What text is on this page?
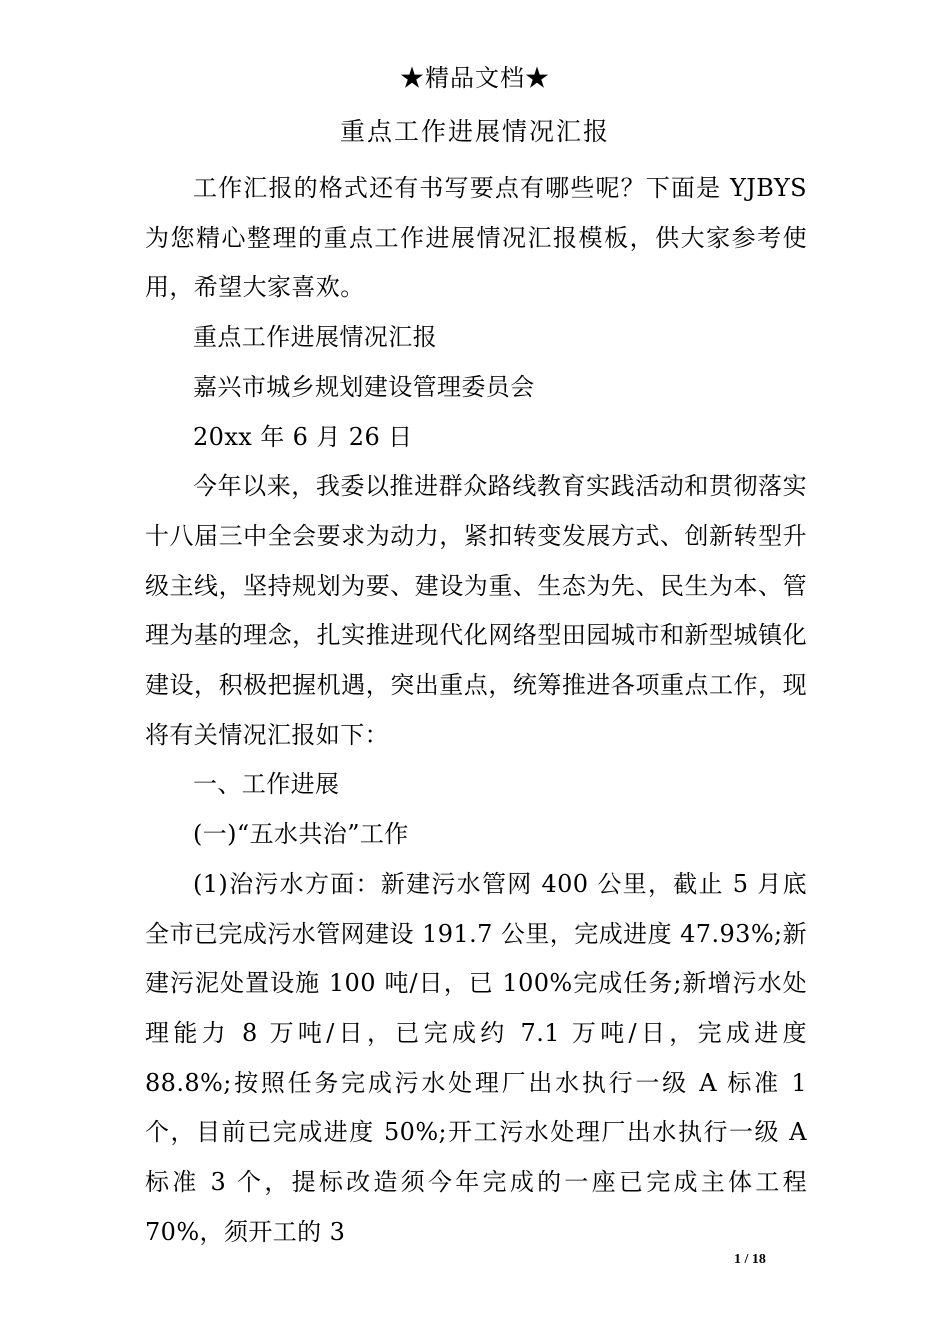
★精品文档★
重点工作进展情况汇报

工作汇报的格式还有书写要点有哪些呢？下面是 YJBYS 为您精心整理的重点工作进展情况汇报模板，供大家参考使用，希望大家喜欢。

重点工作进展情况汇报

嘉兴市城乡规划建设管理委员会

20xx 年 6 月 26 日

今年以来，我委以推进群众路线教育实践活动和贯彻落实十八届三中全会要求为动力，紧扣转变发展方式、创新转型升级主线，坚持规划为要、建设为重、生态为先、民生为本、管理为基的理念，扎实推进现代化网络型田园城市和新型城镇化建设，积极把握机遇，突出重点，统筹推进各项重点工作，现将有关情况汇报如下：

一、工作进展

(一)“五水共治”工作

(1)治污水方面：新建污水管网 400 公里，截止 5 月底全市已完成污水管网建设 191.7 公里，完成进度 47.93%;新建污泥处置设施 100 吨/日，已 100%完成任务;新增污水处理能力 8 万吨/日，已完成约 7.1 万吨/日，完成进度 88.8%;按照任务完成污水处理厂出水执行一级 A 标准 1 个，目前已完成进度 50%;开工污水处理厂出水执行一级 A 标准 3 个，提标改造须今年完成的一座已完成主体工程 70%，须开工的 3

1 / 18
